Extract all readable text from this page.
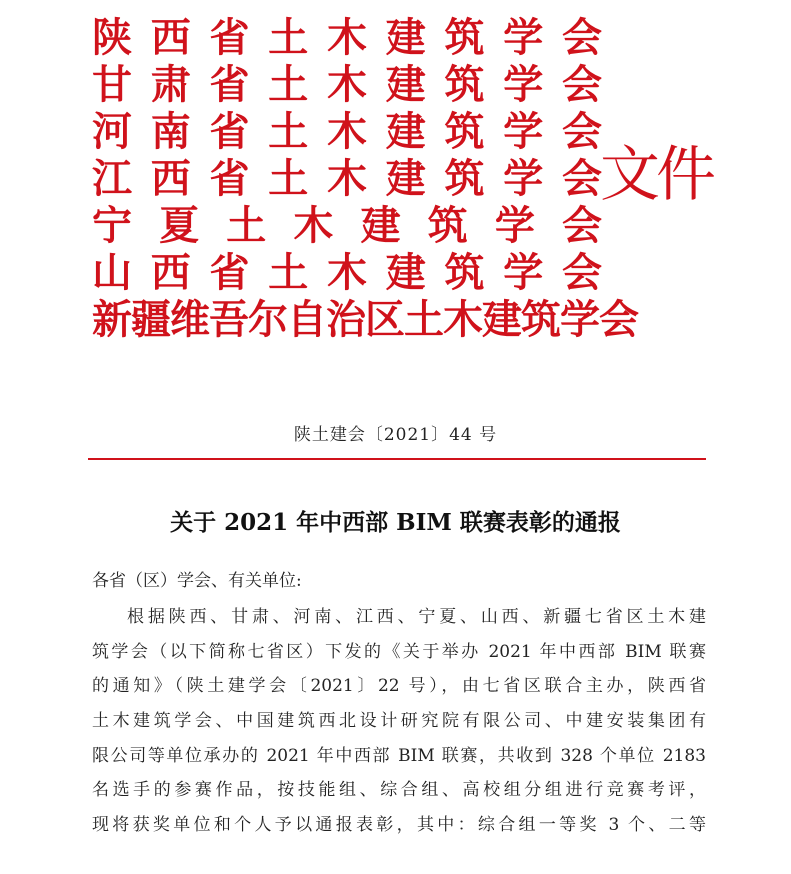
陕 西 省 土 木 建 筑 学 会
甘 肃 省 土 木 建 筑 学 会
河 南 省 土 木 建 筑 学 会
江 西 省 土 木 建 筑 学 会
宁 夏 土 木 建 筑 学 会
山 西 省 土 木 建 筑 学 会
新疆维吾尔自治区土木建筑学会
文件
陕土建会〔2021〕44 号
关于 2021 年中西部 BIM 联赛表彰的通报
各省（区）学会、有关单位:
根据陕西、甘肃、河南、江西、宁夏、山西、新疆七省区土木建
筑学会（以下简称七省区）下发的《关于举办 2021 年中西部 BIM 联赛
的通知》（陕土建学会〔2021〕22 号），由七省区联合主办，陕西省
土木建筑学会、中国建筑西北设计研究院有限公司、中建安装集团有
限公司等单位承办的 2021 年中西部 BIM 联赛，共收到 328 个单位 2183
名选手的参赛作品，按技能组、综合组、高校组分组进行竞赛考评，
现将获奖单位和个人予以通报表彰，其中：综合组一等奖 3 个、二等
